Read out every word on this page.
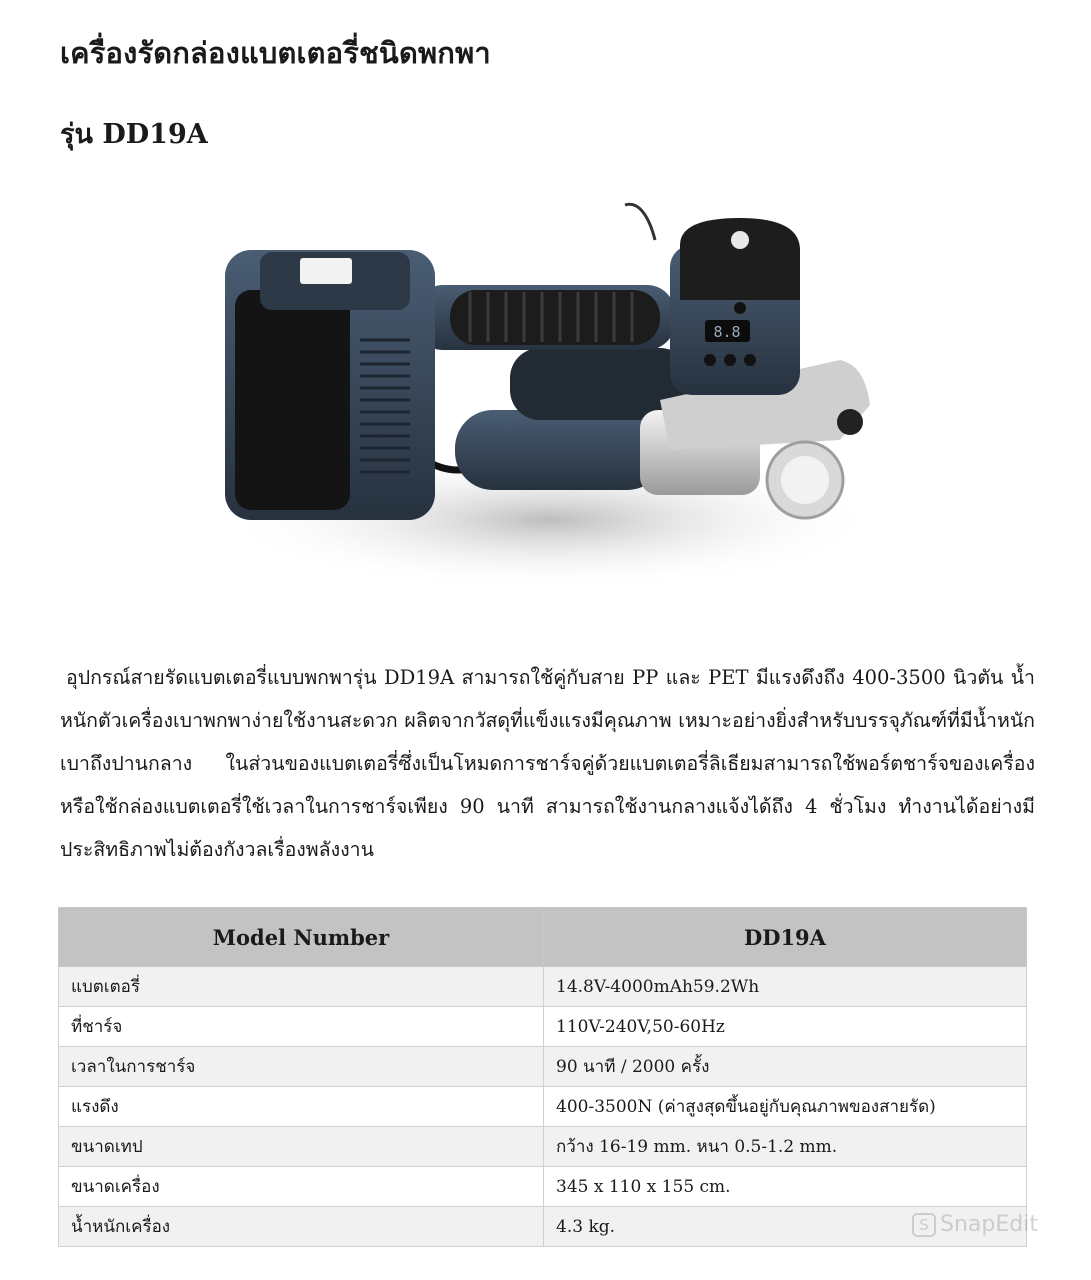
เครื่องรัดกล่องแบตเตอรี่ชนิดพกพา
รุ่น DD19A
8.8

อุปกรณ์สายรัดแบตเตอรี่แบบพกพารุ่น DD19A สามารถใช้คู่กับสาย PP และ PET มีแรงดึงถึง 400-3500 นิวตัน น้ำหนักตัวเครื่องเบาพกพาง่ายใช้งานสะดวก ผลิตจากวัสดุที่แข็งแรงมีคุณภาพ เหมาะอย่างยิ่งสำหรับบรรจุภัณฑ์ที่มีน้ำหนักเบาถึงปานกลาง ในส่วนของแบตเตอรี่ซึ่งเป็นโหมดการชาร์จคู่ด้วยแบตเตอรี่ลิเธียมสามารถใช้พอร์ตชาร์จของเครื่องหรือใช้กล่องแบตเตอรี่ใช้เวลาในการชาร์จเพียง 90 นาที สามารถใช้งานกลางแจ้งได้ถึง 4 ชั่วโมง ทำงานได้อย่างมีประสิทธิภาพไม่ต้องกังวลเรื่องพลังงาน

Model Number	DD19A
แบตเตอรี่	14.8V-4000mAh59.2Wh
ที่ชาร์จ	110V-240V,50-60Hz
เวลาในการชาร์จ	90 นาที / 2000 ครั้ง
แรงดึง	400-3500N (ค่าสูงสุดขึ้นอยู่กับคุณภาพของสายรัด)
ขนาดเทป	กว้าง 16-19 mm. หนา 0.5-1.2 mm.
ขนาดเครื่อง	345 x 110 x 155 cm.
น้ำหนักเครื่อง	4.3 kg.	S SnapEdit
